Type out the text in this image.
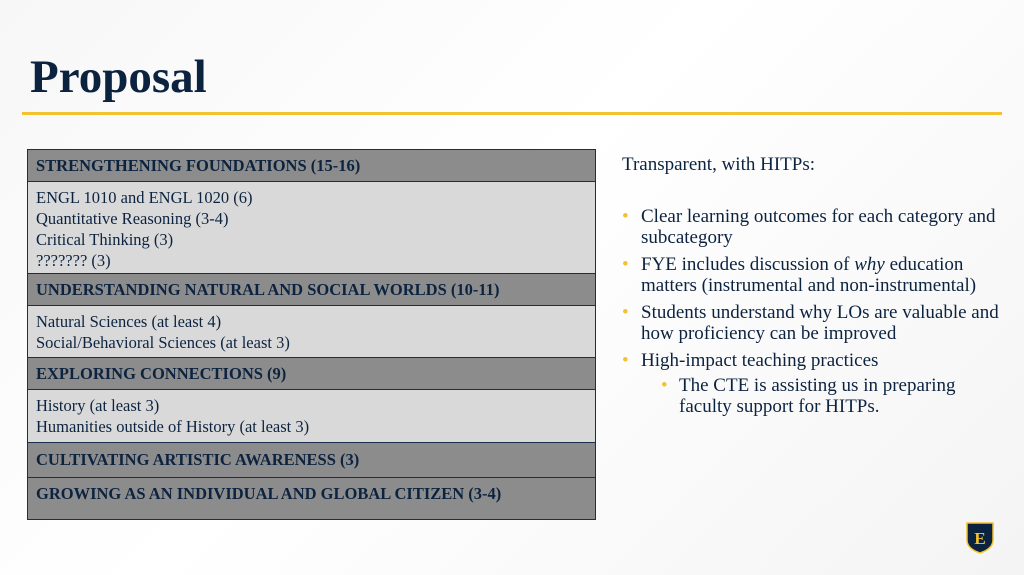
Proposal
STRENGTHENING FOUNDATIONS (15-16)
ENGL 1010 and ENGL 1020 (6)
Quantitative Reasoning (3-4)
Critical Thinking (3)
??????? (3)
UNDERSTANDING NATURAL AND SOCIAL WORLDS (10-11)
Natural Sciences (at least 4)
Social/Behavioral Sciences (at least 3)
EXPLORING CONNECTIONS (9)
History (at least 3)
Humanities outside of History (at least 3)
CULTIVATING ARTISTIC AWARENESS (3)
GROWING AS AN INDIVIDUAL AND GLOBAL CITIZEN (3-4)

Transparent, with HITPs:

• Clear learning outcomes for each category and subcategory
• FYE includes discussion of why education matters (instrumental and non-instrumental)
• Students understand why LOs are valuable and how proficiency can be improved
• High-impact teaching practices
• The CTE is assisting us in preparing faculty support for HITPs.
E
